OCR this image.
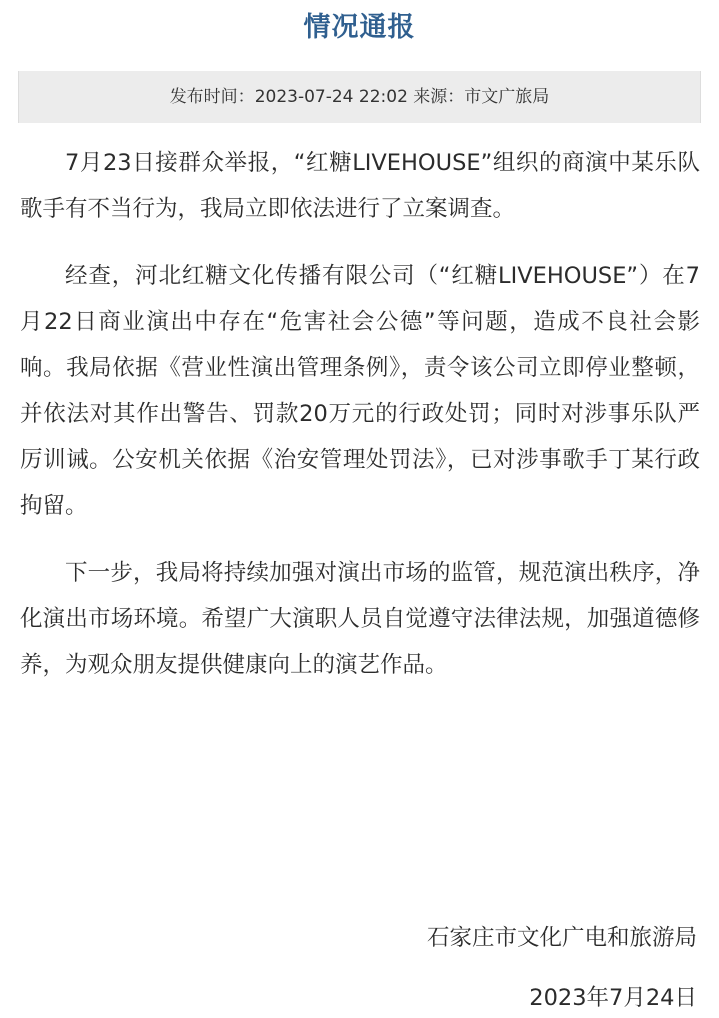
情况通报
发布时间：2023-07-24 22:02 来源：市文广旅局

7月23日接群众举报，“红糖LIVEHOUSE”组织的商演中某乐队歌手有不当行为，我局立即依法进行了立案调查。

经查，河北红糖文化传播有限公司（“红糖LIVEHOUSE”）在7月22日商业演出中存在“危害社会公德”等问题，造成不良社会影响。我局依据《营业性演出管理条例》，责令该公司立即停业整顿，并依法对其作出警告、罚款20万元的行政处罚；同时对涉事乐队严厉训诫。公安机关依据《治安管理处罚法》，已对涉事歌手丁某行政拘留。

下一步，我局将持续加强对演出市场的监管，规范演出秩序，净化演出市场环境。希望广大演职人员自觉遵守法律法规，加强道德修养，为观众朋友提供健康向上的演艺作品。

石家庄市文化广电和旅游局
2023年7月24日
